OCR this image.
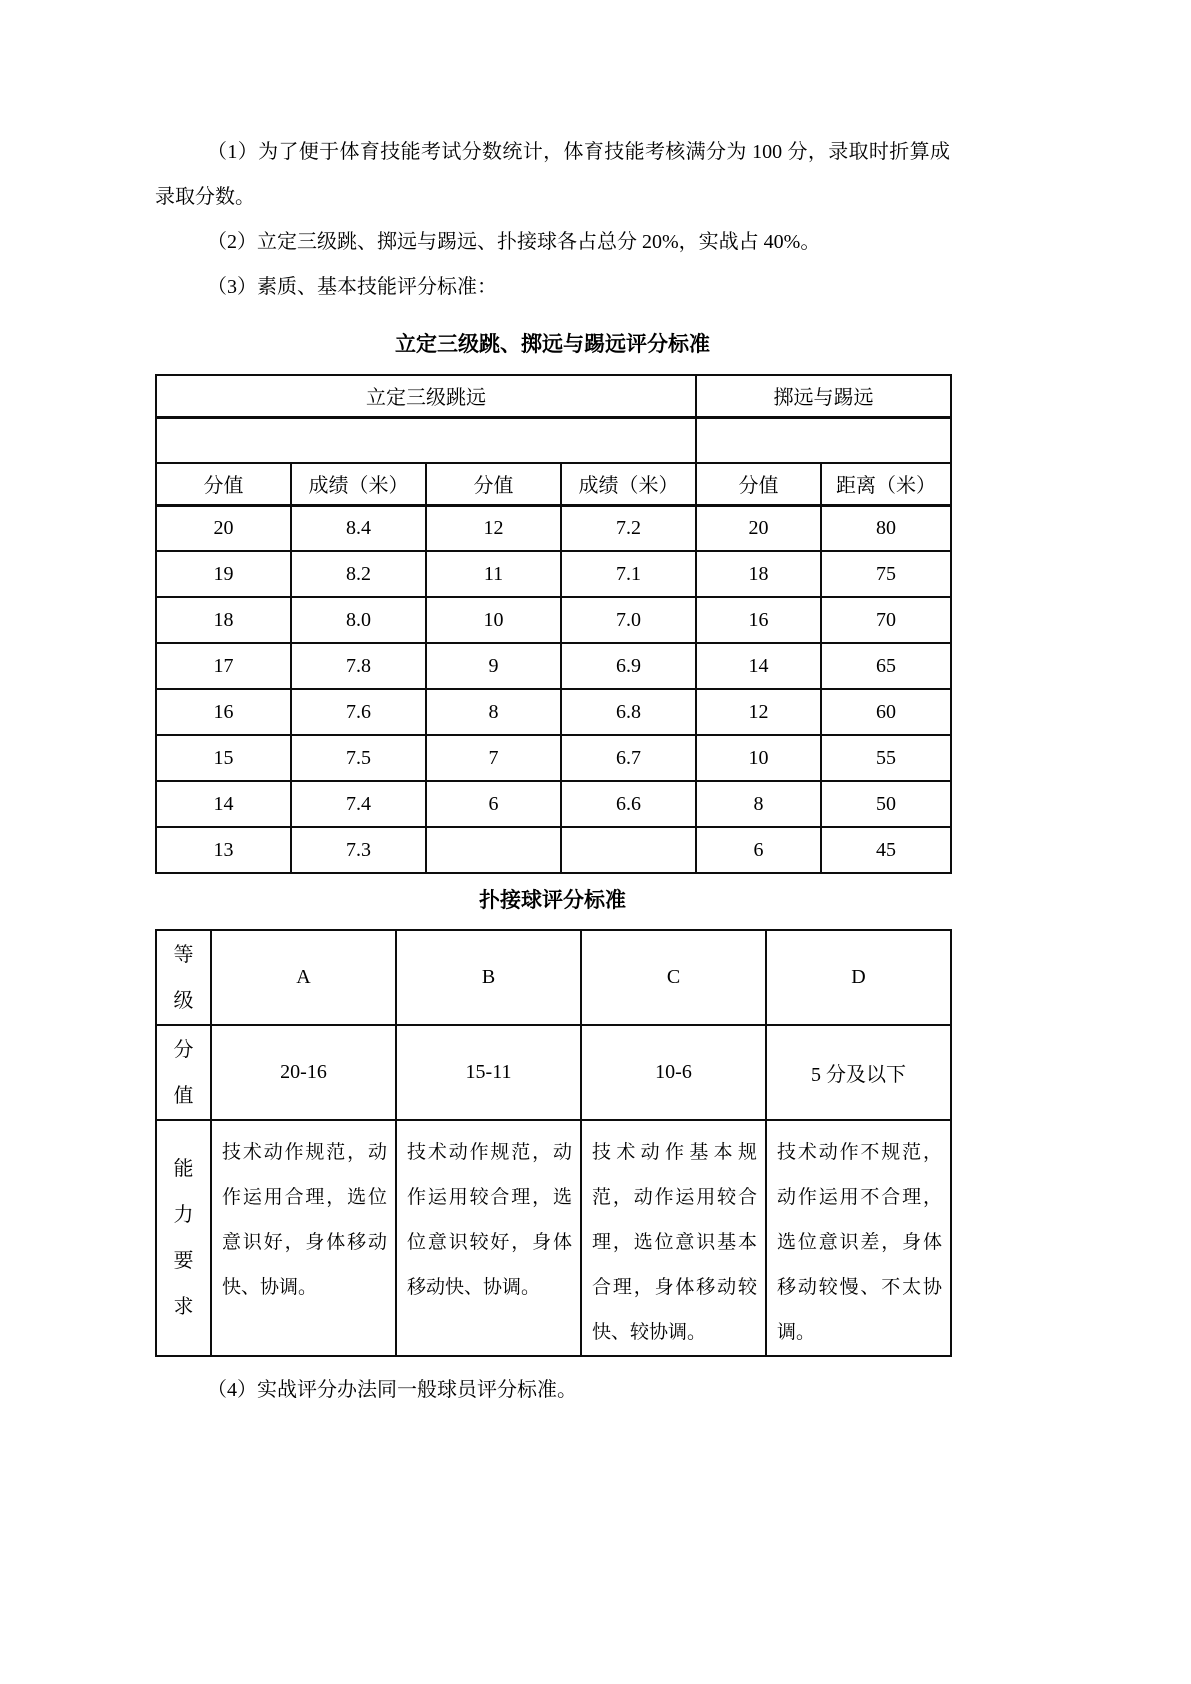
（1）为了便于体育技能考试分数统计，体育技能考核满分为 100 分，录取时折算成录取分数。

（2）立定三级跳、掷远与踢远、扑接球各占总分 20%，实战占 40%。

（3）素质、基本技能评分标准：

立定三级跳、掷远与踢远评分标准

立定三级跳远				掷远与踢远	

分值	成绩（米）	分值	成绩（米）	分值	距离（米）
20	8.4	12	7.2	20	80
19	8.2	11	7.1	18	75
18	8.0	10	7.0	16	70
17	7.8	9	6.9	14	65
16	7.6	8	6.8	12	60
15	7.5	7	6.7	10	55
14	7.4	6	6.6	8	50
13	7.3			6	45

扑接球评分标准

等级	A	B	C	D
分值	20-16	15-11	10-6	5 分及以下
能力要求	技术动作规范，动作运用合理，选位意识好，身体移动快、协调。	技术动作规范，动作运用较合理，选位意识较好，身体移动快、协调。	技术动作基本规范，动作运用较合理，选位意识基本合理，身体移动较快、较协调。	技术动作不规范，动作运用不合理，选位意识差，身体移动较慢、不太协调。

（4）实战评分办法同一般球员评分标准。
